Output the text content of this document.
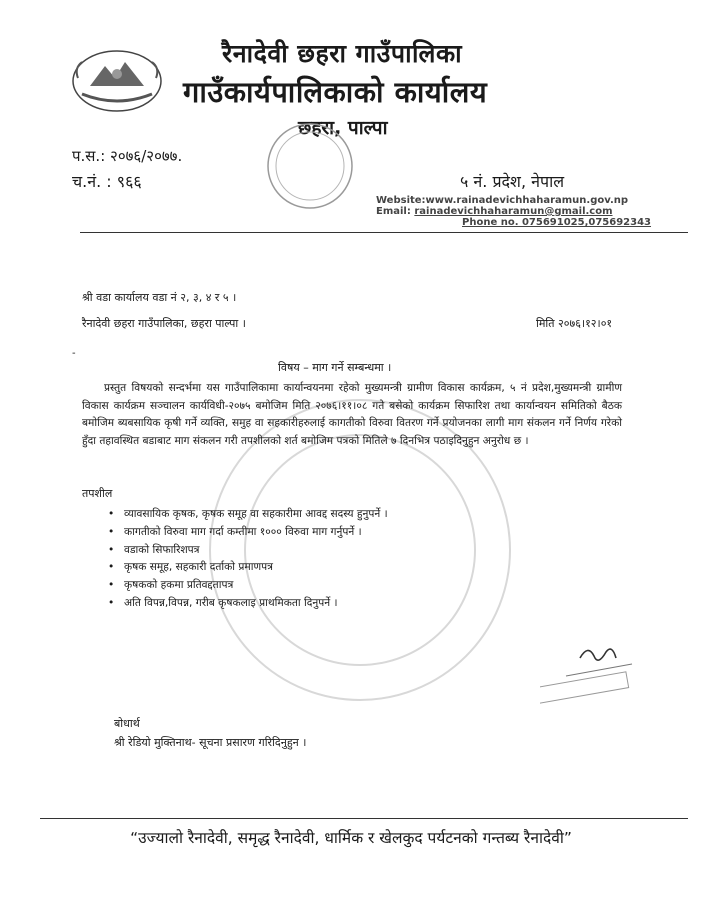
रैनादेवी छहरा गाउँपालिका
गाउँकार्यपालिकाको कार्यालय
छहरा, पाल्पा
प.स.: २०७६/२०७७.
च.नं. : ९६६	५ नं. प्रदेश, नेपाल
Website:www.rainadevichhaharamun.gov.np
Email: rainadevichhaharamun@gmail.com
Phone no. 075691025,075692343
श्री वडा कार्यालय वडा नं २, ३, ४ र ५ ।
रैनादेवी छहरा गाउँपालिका, छहरा पाल्पा ।	मिति २०७६।१२।०१
-
विषय – माग गर्ने सम्बन्धमा ।
प्रस्तुत विषयको सन्दर्भमा यस गाउँपालिकामा कार्यान्वयनमा रहेको मुख्यमन्त्री ग्रामीण विकास कार्यक्रम, ५ नं प्रदेश,मुख्यमन्त्री ग्रामीण विकास कार्यक्रम सञ्चालन कार्यविधी-२०७५ बमोजिम मिति २०७६।११।०८ गते बसेको कार्यक्रम सिफारिश तथा कार्यान्वयन समितिको बैठक बमोजिम ब्यबसायिक कृषी गर्ने व्यक्ति, समुह वा सहकारीहरुलाई कागतीको विरुवा वितरण गर्ने प्रयोजनका लागी माग संकलन गर्ने निर्णय गरेको हुँदा तहावस्थित बडाबाट माग संकलन गरी तपशीलको शर्त बमोजिम पत्रको मितिले ७ दिनभित्र पठाइदिनुहुन अनुरोध छ ।
तपशील
• व्यावसायिक कृषक, कृषक समूह वा सहकारीमा आवद्द सदस्य हुनुपर्ने ।
• कागतीको विरुवा माग गर्दा कम्तीमा १००० विरुवा माग गर्नुपर्ने ।
• वडाको सिफारिशपत्र
• कृषक समूह, सहकारी दर्ताको प्रमाणपत्र
• कृषकको हकमा प्रतिवद्दतापत्र
• अति विपन्न,विपन्न, गरीब कृषकलाइ प्राथमिकता दिनुपर्ने ।
बोधार्थ
श्री रेडियो मुक्तिनाथ- सूचना प्रसारण गरिदिनुहुन ।
“उज्यालो रैनादेवी, समृद्ध रैनादेवी, धार्मिक र खेलकुद पर्यटनको गन्तब्य रैनादेवी”
